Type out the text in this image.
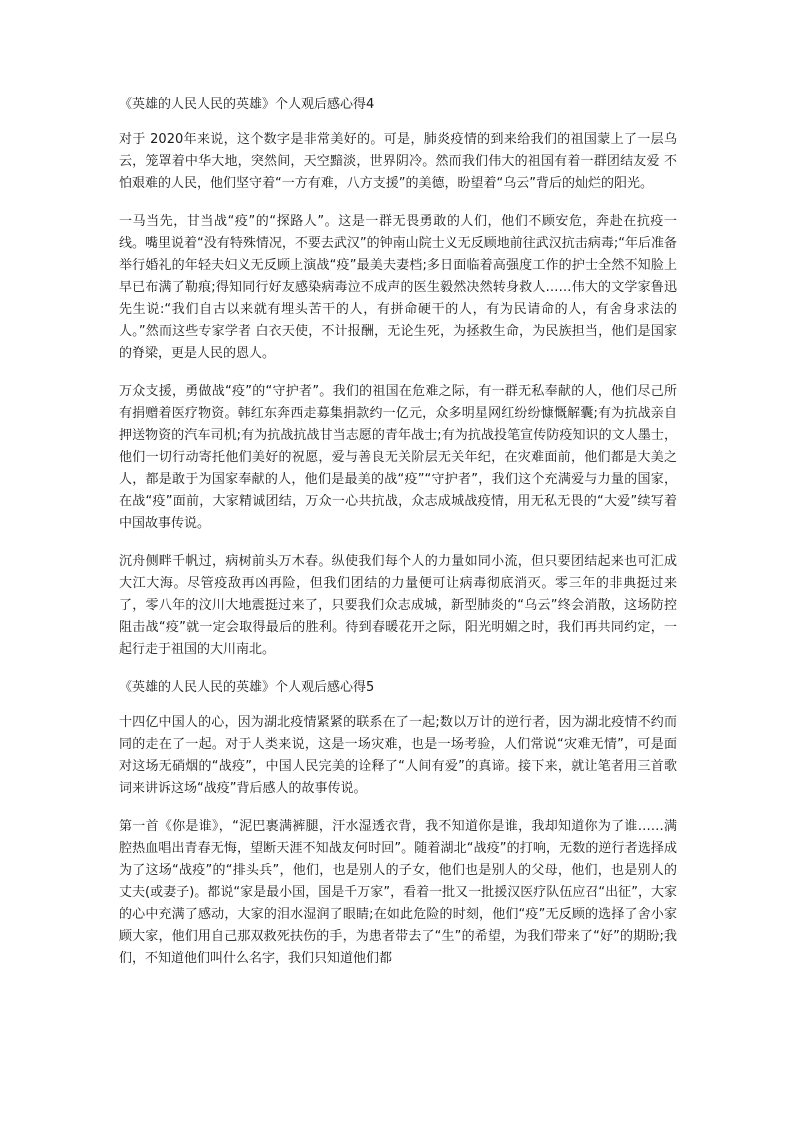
《英雄的人民人民的英雄》个人观后感心得4

对于 2020年来说，这个数字是非常美好的。可是，肺炎疫情的到来给我们的祖国蒙上了一层乌云，笼罩着中华大地，突然间，天空黯淡，世界阴冷。然而我们伟大的祖国有着一群团结友爱 不怕艰难的人民，他们坚守着“一方有难，八方支援”的美德，盼望着“乌云”背后的灿烂的阳光。

一马当先，甘当战“疫”的“探路人”。这是一群无畏勇敢的人们，他们不顾安危，奔赴在抗疫一线。嘴里说着“没有特殊情况，不要去武汉”的钟南山院士义无反顾地前往武汉抗击病毒;“年后准备举行婚礼的年轻夫妇义无反顾上演战“疫”最美夫妻档;多日面临着高强度工作的护士全然不知脸上早已布满了勒痕;得知同行好友感染病毒泣不成声的医生毅然决然转身救人……伟大的文学家鲁迅先生说:“我们自古以来就有埋头苦干的人，有拼命硬干的人，有为民请命的人，有舍身求法的人。”然而这些专家学者 白衣天使，不计报酬，无论生死，为拯救生命，为民族担当，他们是国家的脊梁，更是人民的恩人。

万众支援，勇做战“疫”的“守护者”。我们的祖国在危难之际，有一群无私奉献的人，他们尽己所有捐赠着医疗物资。韩红东奔西走募集捐款约一亿元，众多明星网红纷纷慷慨解囊;有为抗战亲自押送物资的汽车司机;有为抗战抗战甘当志愿的青年战士;有为抗战投笔宣传防疫知识的文人墨士，他们一切行动寄托他们美好的祝愿，爱与善良无关阶层无关年纪，在灾难面前，他们都是大美之人，都是敢于为国家奉献的人，他们是最美的战“疫”“守护者”，我们这个充满爱与力量的国家，在战“疫”面前，大家精诚团结，万众一心共抗战，众志成城战疫情，用无私无畏的“大爱”续写着中国故事传说。

沉舟侧畔千帆过，病树前头万木春。纵使我们每个人的力量如同小流，但只要团结起来也可汇成大江大海。尽管疫敌再凶再险，但我们团结的力量便可让病毒彻底消灭。零三年的非典挺过来了，零八年的汶川大地震挺过来了，只要我们众志成城，新型肺炎的“乌云”终会消散，这场防控阻击战“疫”就一定会取得最后的胜利。待到春暖花开之际，阳光明媚之时，我们再共同约定，一起行走于祖国的大川南北。

《英雄的人民人民的英雄》个人观后感心得5

十四亿中国人的心，因为湖北疫情紧紧的联系在了一起;数以万计的逆行者，因为湖北疫情不约而同的走在了一起。对于人类来说，这是一场灾难，也是一场考验，人们常说“灾难无情”，可是面对这场无硝烟的“战疫”，中国人民完美的诠释了“人间有爱”的真谛。接下来，就让笔者用三首歌词来讲诉这场“战疫”背后感人的故事传说。

第一首《你是谁》，“泥巴裹满裤腿，汗水湿透衣背，我不知道你是谁，我却知道你为了谁……满腔热血唱出青春无悔，望断天涯不知战友何时回”。随着湖北“战疫”的打响，无数的逆行者选择成为了这场“战疫”的“排头兵”，他们，也是别人的子女，他们也是别人的父母，他们，也是别人的丈夫(或妻子)。都说“家是最小国，国是千万家”，看着一批又一批援汉医疗队伍应召“出征”，大家的心中充满了感动，大家的泪水湿润了眼睛;在如此危险的时刻，他们“疫”无反顾的选择了舍小家顾大家，他们用自己那双救死扶伤的手，为患者带去了“生”的希望，为我们带来了“好”的期盼;我们，不知道他们叫什么名字，我们只知道他们都
